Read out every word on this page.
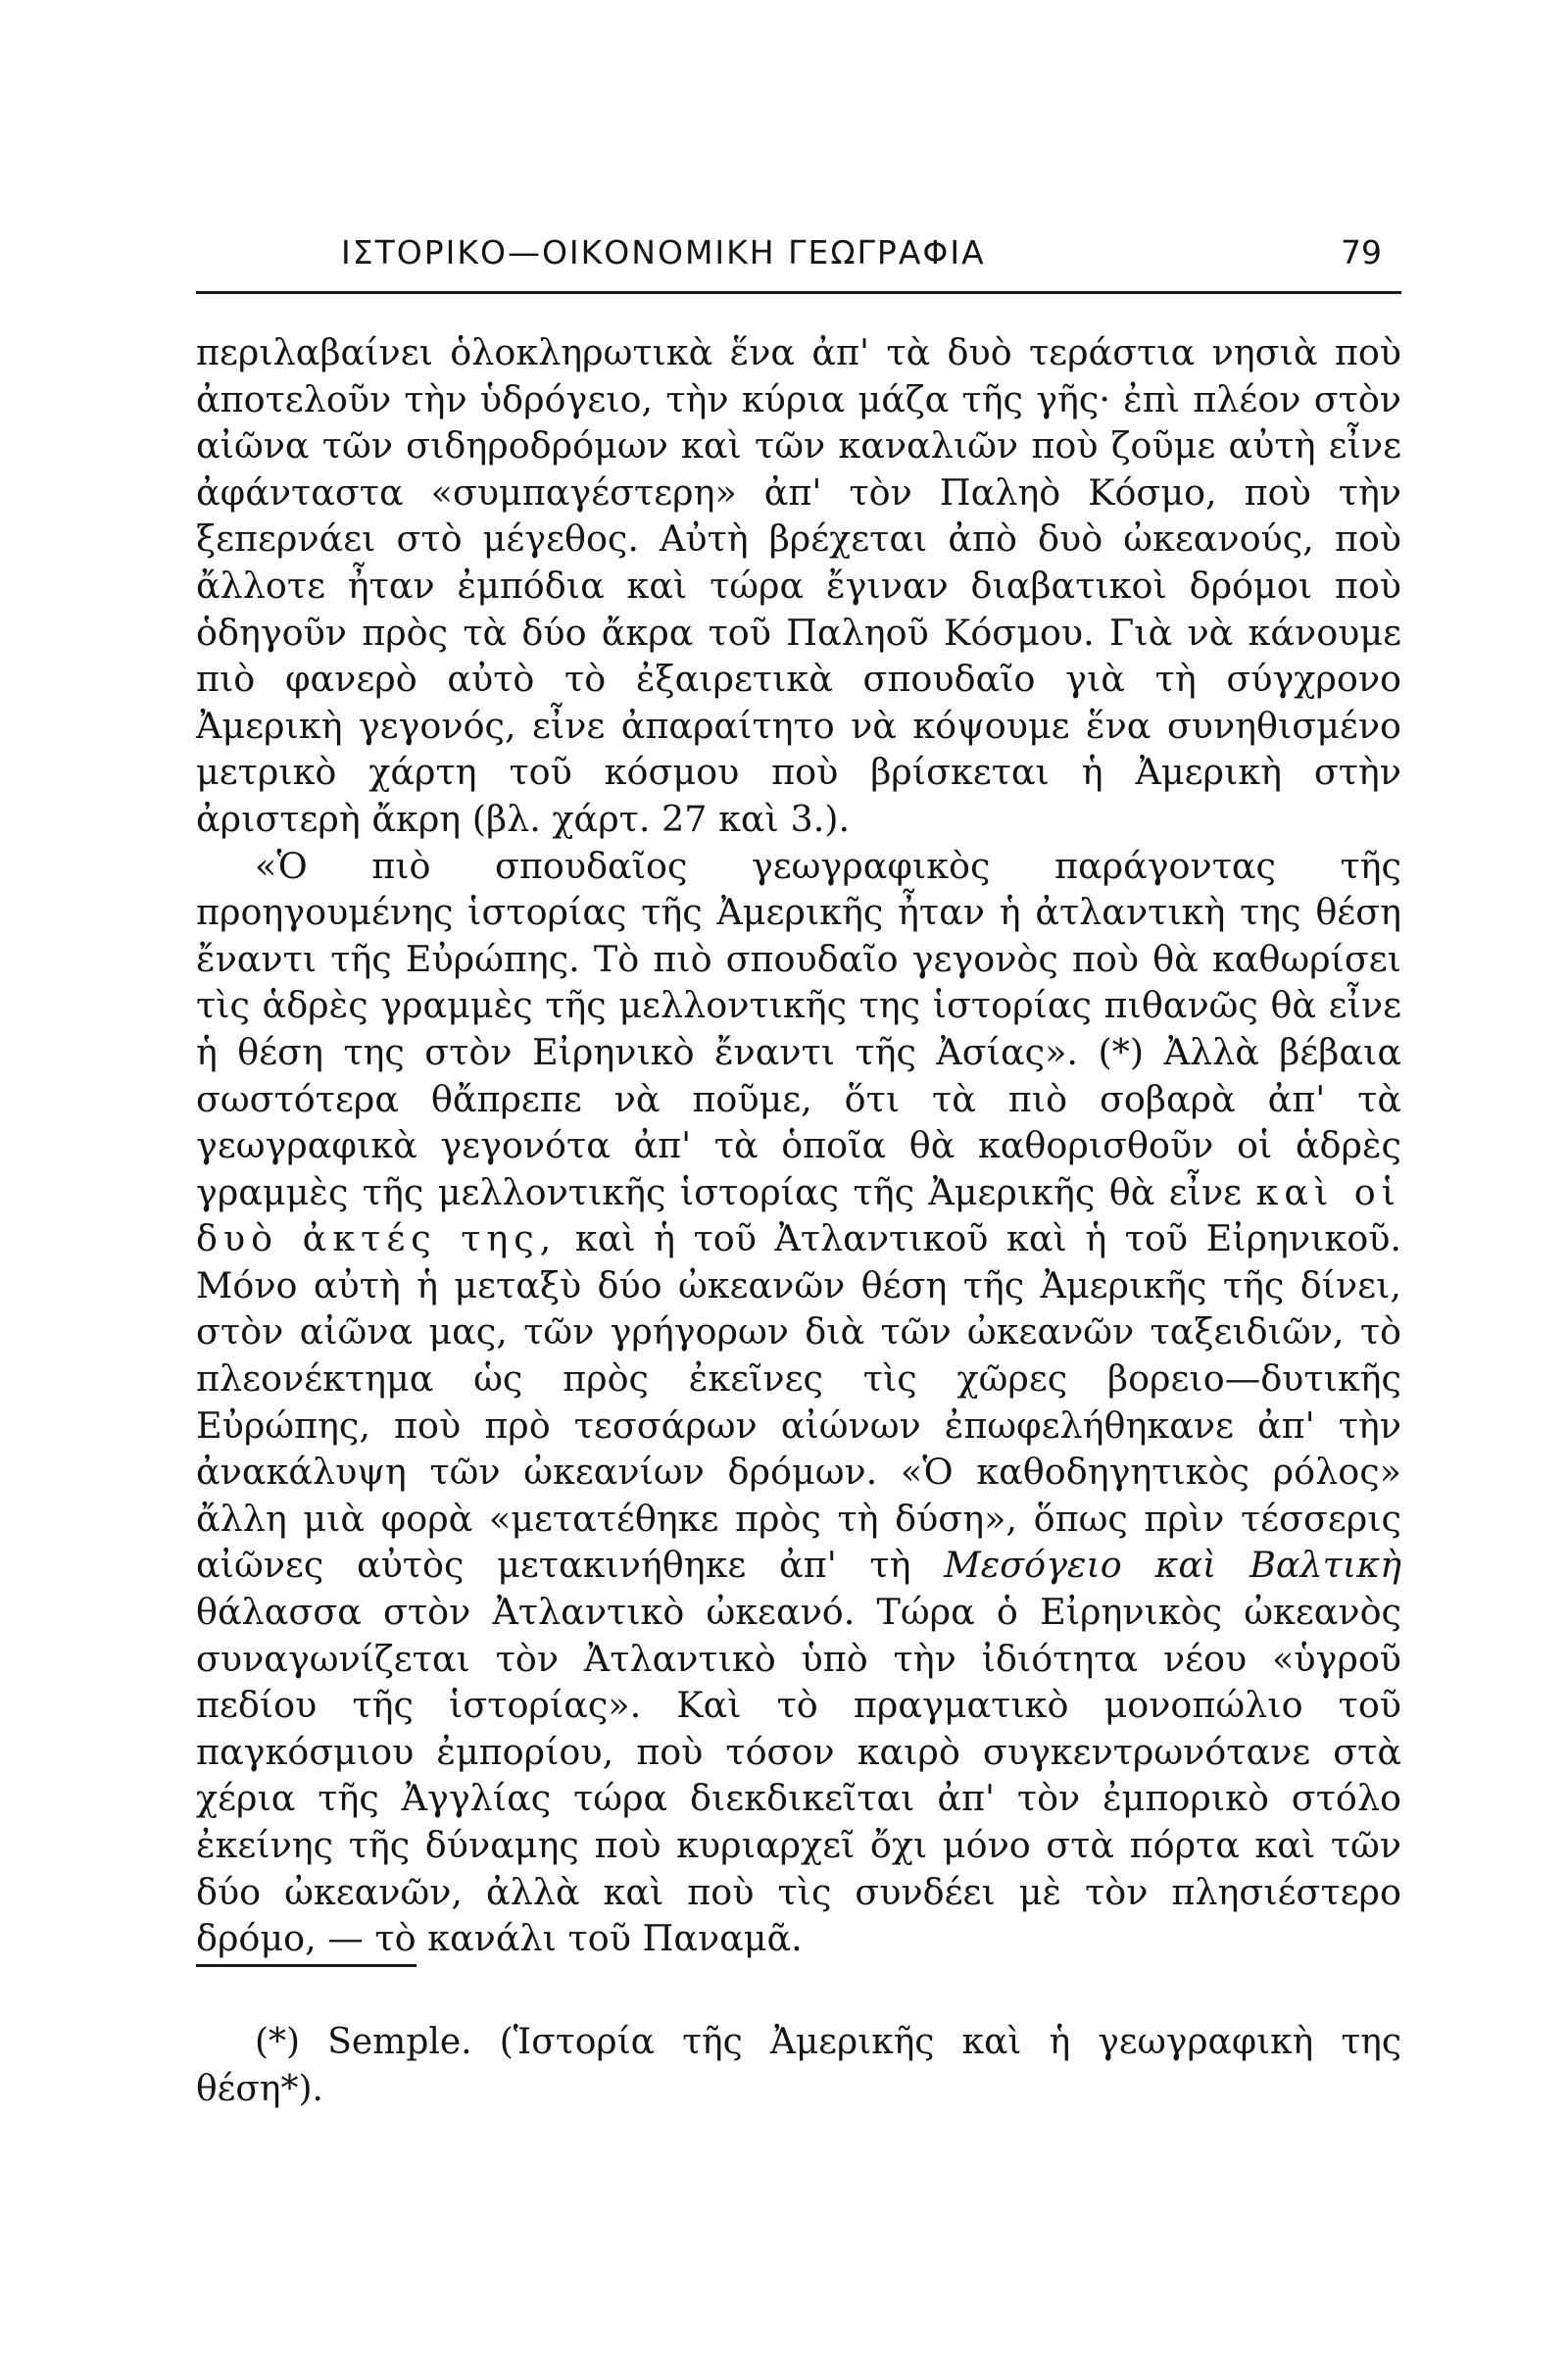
ΙΣΤΟΡΙΚΟ—ΟΙΚΟΝΟΜΙΚΗ ΓΕΩΓΡΑΦΙΑ	79

περιλαβαίνει ὁλοκληρωτικὰ ἕνα ἀπ' τὰ δυὸ τεράστια νησιὰ ποὺ ἀποτελοῦν τὴν ὑδρόγειο, τὴν κύρια μάζα τῆς γῆς· ἐπὶ πλέον στὸν αἰῶνα τῶν σιδηροδρόμων καὶ τῶν καναλιῶν ποὺ ζοῦμε αὐτὴ εἶνε ἀφάνταστα «συμπαγέστερη» ἀπ' τὸν Παληὸ Κόσμο, ποὺ τὴν ξεπερνάει στὸ μέγεθος. Αὐτὴ βρέχεται ἀπὸ δυὸ ὠκεανούς, ποὺ ἄλλοτε ἦταν ἐμπόδια καὶ τώρα ἔγιναν διαβατικοὶ δρόμοι ποὺ ὁδηγοῦν πρὸς τὰ δύο ἄκρα τοῦ Παληοῦ Κόσμου. Γιὰ νὰ κάνουμε πιὸ φανερὸ αὐτὸ τὸ ἐξαιρετικὰ σπουδαῖο γιὰ τὴ σύγχρονο Ἀμερικὴ γεγονός, εἶνε ἀπαραίτητο νὰ κόψουμε ἕνα συνηθισμένο μετρικὸ χάρτη τοῦ κόσμου ποὺ βρίσκεται ἡ Ἀμερικὴ στὴν ἀριστερὴ ἄκρη (βλ. χάρτ. 27 καὶ 3.).

«Ὁ πιὸ σπουδαῖος γεωγραφικὸς παράγοντας τῆς προηγουμένης ἱστορίας τῆς Ἀμερικῆς ἦταν ἡ ἀτλαντικὴ της θέση ἔναντι τῆς Εὐρώπης. Τὸ πιὸ σπουδαῖο γεγονὸς ποὺ θὰ καθωρίσει τὶς ἁδρὲς γραμμὲς τῆς μελλοντικῆς της ἱστορίας πιθανῶς θὰ εἶνε ἡ θέση της στὸν Εἰρηνικὸ ἔναντι τῆς Ἀσίας». (*) Ἀλλὰ βέβαια σωστότερα θἄπρεπε νὰ ποῦμε, ὅτι τὰ πιὸ σοβαρὰ ἀπ' τὰ γεωγραφικὰ γεγονότα ἀπ' τὰ ὁποῖα θὰ καθορισθοῦν οἱ ἁδρὲς γραμμὲς τῆς μελλοντικῆς ἱστορίας τῆς Ἀμερικῆς θὰ εἶνε καὶ οἱ δυὸ ἀκτές της, καὶ ἡ τοῦ Ἀτλαντικοῦ καὶ ἡ τοῦ Εἰρηνικοῦ. Μόνο αὐτὴ ἡ μεταξὺ δύο ὠκεανῶν θέση τῆς Ἀμερικῆς τῆς δίνει, στὸν αἰῶνα μας, τῶν γρήγορων διὰ τῶν ὠκεανῶν ταξειδιῶν, τὸ πλεονέκτημα ὡς πρὸς ἐκεῖνες τὶς χῶρες βορειο—δυτικῆς Εὐρώπης, ποὺ πρὸ τεσσάρων αἰώνων ἐπωφελήθηκανε ἀπ' τὴν ἀνακάλυψη τῶν ὠκεανίων δρόμων. «Ὁ καθοδηγητικὸς ρόλος» ἄλλη μιὰ φορὰ «μετατέθηκε πρὸς τὴ δύση», ὅπως πρὶν τέσσερις αἰῶνες αὐτὸς μετακινήθηκε ἀπ' τὴ Μεσόγειο καὶ Βαλτικὴ θάλασσα στὸν Ἀτλαντικὸ ὠκεανό. Τώρα ὁ Εἰρηνικὸς ὠκεανὸς συναγωνίζεται τὸν Ἀτλαντικὸ ὑπὸ τὴν ἰδιότητα νέου «ὑγροῦ πεδίου τῆς ἱστορίας». Καὶ τὸ πραγματικὸ μονοπώλιο τοῦ παγκόσμιου ἐμπορίου, ποὺ τόσον καιρὸ συγκεντρωνότανε στὰ χέρια τῆς Ἀγγλίας τώρα διεκδικεῖται ἀπ' τὸν ἐμπορικὸ στόλο ἐκείνης τῆς δύναμης ποὺ κυριαρχεῖ ὄχι μόνο στὰ πόρτα καὶ τῶν δύο ὠκεανῶν, ἀλλὰ καὶ ποὺ τὶς συνδέει μὲ τὸν πλησιέστερο δρόμο, — τὸ κανάλι τοῦ Παναμᾶ.

(*) Semple. (Ἱστορία τῆς Ἀμερικῆς καὶ ἡ γεωγραφικὴ της θέση*).
